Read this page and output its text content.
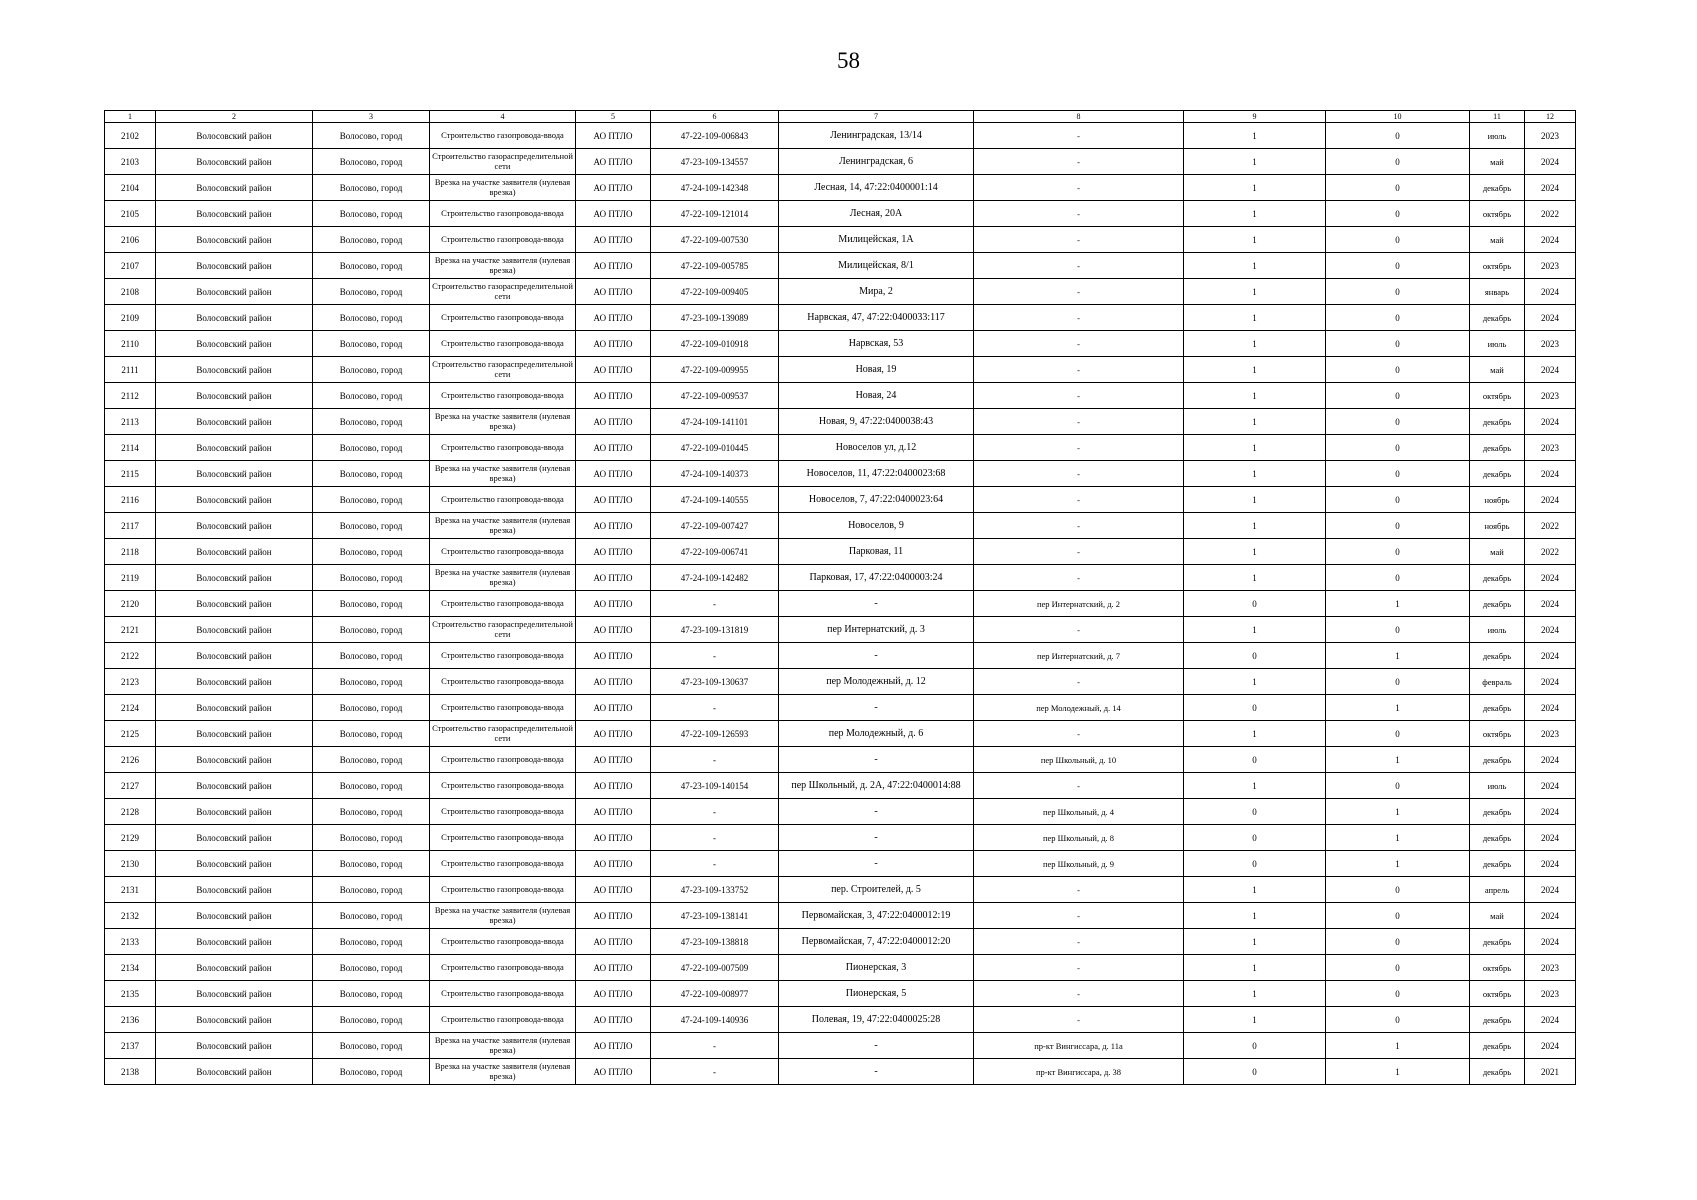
58
1	2	3	4	5	6	7	8	9	10	11	12
2102	Волосовский район	Волосово, город	Строительство газопровода-ввода	АО ПТЛО	47-22-109-006843	Ленинградская, 13/14	-	1	0	июль	2023
2103	Волосовский район	Волосово, город	Строительство газораспределительной сети	АО ПТЛО	47-23-109-134557	Ленинградская, 6	-	1	0	май	2024
2104	Волосовский район	Волосово, город	Врезка на участке заявителя (нулевая врезка)	АО ПТЛО	47-24-109-142348	Лесная, 14, 47:22:0400001:14	-	1	0	декабрь	2024
2105	Волосовский район	Волосово, город	Строительство газопровода-ввода	АО ПТЛО	47-22-109-121014	Лесная, 20А	-	1	0	октябрь	2022
2106	Волосовский район	Волосово, город	Строительство газопровода-ввода	АО ПТЛО	47-22-109-007530	Милицейская, 1А	-	1	0	май	2024
2107	Волосовский район	Волосово, город	Врезка на участке заявителя (нулевая врезка)	АО ПТЛО	47-22-109-005785	Милицейская, 8/1	-	1	0	октябрь	2023
2108	Волосовский район	Волосово, город	Строительство газораспределительной сети	АО ПТЛО	47-22-109-009405	Мира, 2	-	1	0	январь	2024
2109	Волосовский район	Волосово, город	Строительство газопровода-ввода	АО ПТЛО	47-23-109-139089	Нарвская, 47, 47:22:0400033:117	-	1	0	декабрь	2024
2110	Волосовский район	Волосово, город	Строительство газопровода-ввода	АО ПТЛО	47-22-109-010918	Нарвская, 53	-	1	0	июль	2023
2111	Волосовский район	Волосово, город	Строительство газораспределительной сети	АО ПТЛО	47-22-109-009955	Новая, 19	-	1	0	май	2024
2112	Волосовский район	Волосово, город	Строительство газопровода-ввода	АО ПТЛО	47-22-109-009537	Новая, 24	-	1	0	октябрь	2023
2113	Волосовский район	Волосово, город	Врезка на участке заявителя (нулевая врезка)	АО ПТЛО	47-24-109-141101	Новая, 9, 47:22:0400038:43	-	1	0	декабрь	2024
2114	Волосовский район	Волосово, город	Строительство газопровода-ввода	АО ПТЛО	47-22-109-010445	Новоселов ул, д.12	-	1	0	декабрь	2023
2115	Волосовский район	Волосово, город	Врезка на участке заявителя (нулевая врезка)	АО ПТЛО	47-24-109-140373	Новоселов, 11, 47:22:0400023:68	-	1	0	декабрь	2024
2116	Волосовский район	Волосово, город	Строительство газопровода-ввода	АО ПТЛО	47-24-109-140555	Новоселов, 7, 47:22:0400023:64	-	1	0	ноябрь	2024
2117	Волосовский район	Волосово, город	Врезка на участке заявителя (нулевая врезка)	АО ПТЛО	47-22-109-007427	Новоселов, 9	-	1	0	ноябрь	2022
2118	Волосовский район	Волосово, город	Строительство газопровода-ввода	АО ПТЛО	47-22-109-006741	Парковая, 11	-	1	0	май	2022
2119	Волосовский район	Волосово, город	Врезка на участке заявителя (нулевая врезка)	АО ПТЛО	47-24-109-142482	Парковая, 17, 47:22:0400003:24	-	1	0	декабрь	2024
2120	Волосовский район	Волосово, город	Строительство газопровода-ввода	АО ПТЛО	-	-	пер Интернатский, д. 2	0	1	декабрь	2024
2121	Волосовский район	Волосово, город	Строительство газораспределительной сети	АО ПТЛО	47-23-109-131819	пер Интернатский, д. 3	-	1	0	июль	2024
2122	Волосовский район	Волосово, город	Строительство газопровода-ввода	АО ПТЛО	-	-	пер Интернатский, д. 7	0	1	декабрь	2024
2123	Волосовский район	Волосово, город	Строительство газопровода-ввода	АО ПТЛО	47-23-109-130637	пер Молодежный, д. 12	-	1	0	февраль	2024
2124	Волосовский район	Волосово, город	Строительство газопровода-ввода	АО ПТЛО	-	-	пер Молодежный, д. 14	0	1	декабрь	2024
2125	Волосовский район	Волосово, город	Строительство газораспределительной сети	АО ПТЛО	47-22-109-126593	пер Молодежный, д. 6	-	1	0	октябрь	2023
2126	Волосовский район	Волосово, город	Строительство газопровода-ввода	АО ПТЛО	-	-	пер Школьный, д. 10	0	1	декабрь	2024
2127	Волосовский район	Волосово, город	Строительство газопровода-ввода	АО ПТЛО	47-23-109-140154	пер Школьный, д. 2А, 47:22:0400014:88	-	1	0	июль	2024
2128	Волосовский район	Волосово, город	Строительство газопровода-ввода	АО ПТЛО	-	-	пер Школьный, д. 4	0	1	декабрь	2024
2129	Волосовский район	Волосово, город	Строительство газопровода-ввода	АО ПТЛО	-	-	пер Школьный, д. 8	0	1	декабрь	2024
2130	Волосовский район	Волосово, город	Строительство газопровода-ввода	АО ПТЛО	-	-	пер Школьный, д. 9	0	1	декабрь	2024
2131	Волосовский район	Волосово, город	Строительство газопровода-ввода	АО ПТЛО	47-23-109-133752	пер. Строителей, д. 5	-	1	0	апрель	2024
2132	Волосовский район	Волосово, город	Врезка на участке заявителя (нулевая врезка)	АО ПТЛО	47-23-109-138141	Первомайская, 3, 47:22:0400012:19	-	1	0	май	2024
2133	Волосовский район	Волосово, город	Строительство газопровода-ввода	АО ПТЛО	47-23-109-138818	Первомайская, 7, 47:22:0400012:20	-	1	0	декабрь	2024
2134	Волосовский район	Волосово, город	Строительство газопровода-ввода	АО ПТЛО	47-22-109-007509	Пионерская, 3	-	1	0	октябрь	2023
2135	Волосовский район	Волосово, город	Строительство газопровода-ввода	АО ПТЛО	47-22-109-008977	Пионерская, 5	-	1	0	октябрь	2023
2136	Волосовский район	Волосово, город	Строительство газопровода-ввода	АО ПТЛО	47-24-109-140936	Полевая, 19, 47:22:0400025:28	-	1	0	декабрь	2024
2137	Волосовский район	Волосово, город	Врезка на участке заявителя (нулевая врезка)	АО ПТЛО	-	-	пр-кт Вингиссара, д. 11а	0	1	декабрь	2024
2138	Волосовский район	Волосово, город	Врезка на участке заявителя (нулевая врезка)	АО ПТЛО	-	-	пр-кт Вингиссара, д. 38	0	1	декабрь	2021
